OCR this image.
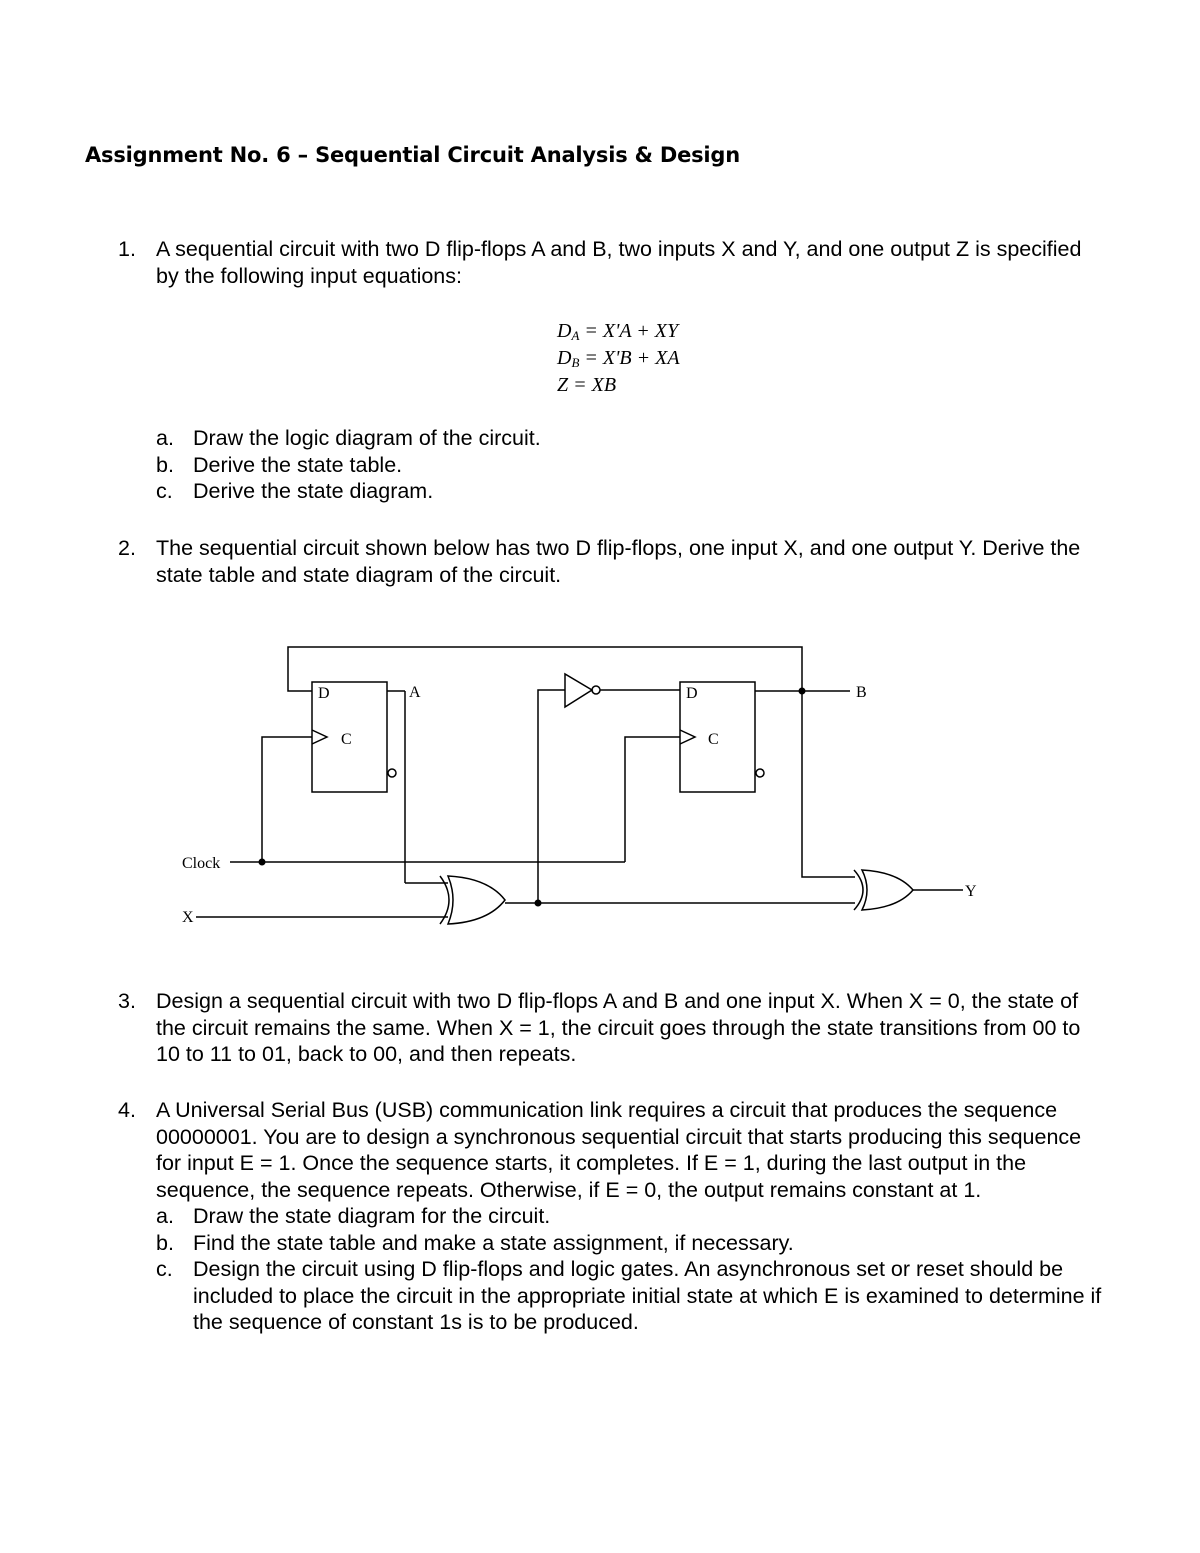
Assignment No. 6 – Sequential Circuit Analysis & Design
1. A sequential circuit with two D flip-flops A and B, two inputs X and Y, and one output Z is specified by the following input equations:
$D_A = X'A$ + XY
$D_B = X'B$ + XA
Z = XB
a. Draw the logic diagram of the circuit.
b. Derive the state table.
c. Derive the state diagram.
2. The sequential circuit shown below has two D flip-flops, one input X, and one output Y. Derive the state table and state diagram of the circuit.
D
C
D
C
A	B
Clock
X
Y
3. Design a sequential circuit with two D flip-flops A and B and one input X. When X = 0, the state of the circuit remains the same. When X = 1, the circuit goes through the state transitions from 00 to 10 to 11 to 01, back to 00, and then repeats.
4. A Universal Serial Bus (USB) communication link requires a circuit that produces the sequence 00000001. You are to design a synchronous sequential circuit that starts producing this sequence for input E = 1. Once the sequence starts, it completes. If E = 1, during the last output in the sequence, the sequence repeats. Otherwise, if E = 0, the output remains constant at 1.
a. Draw the state diagram for the circuit.
b. Find the state table and make a state assignment, if necessary.
c. Design the circuit using D flip-flops and logic gates. An asynchronous set or reset should be included to place the circuit in the appropriate initial state at which E is examined to determine if the sequence of constant 1s is to be produced.
